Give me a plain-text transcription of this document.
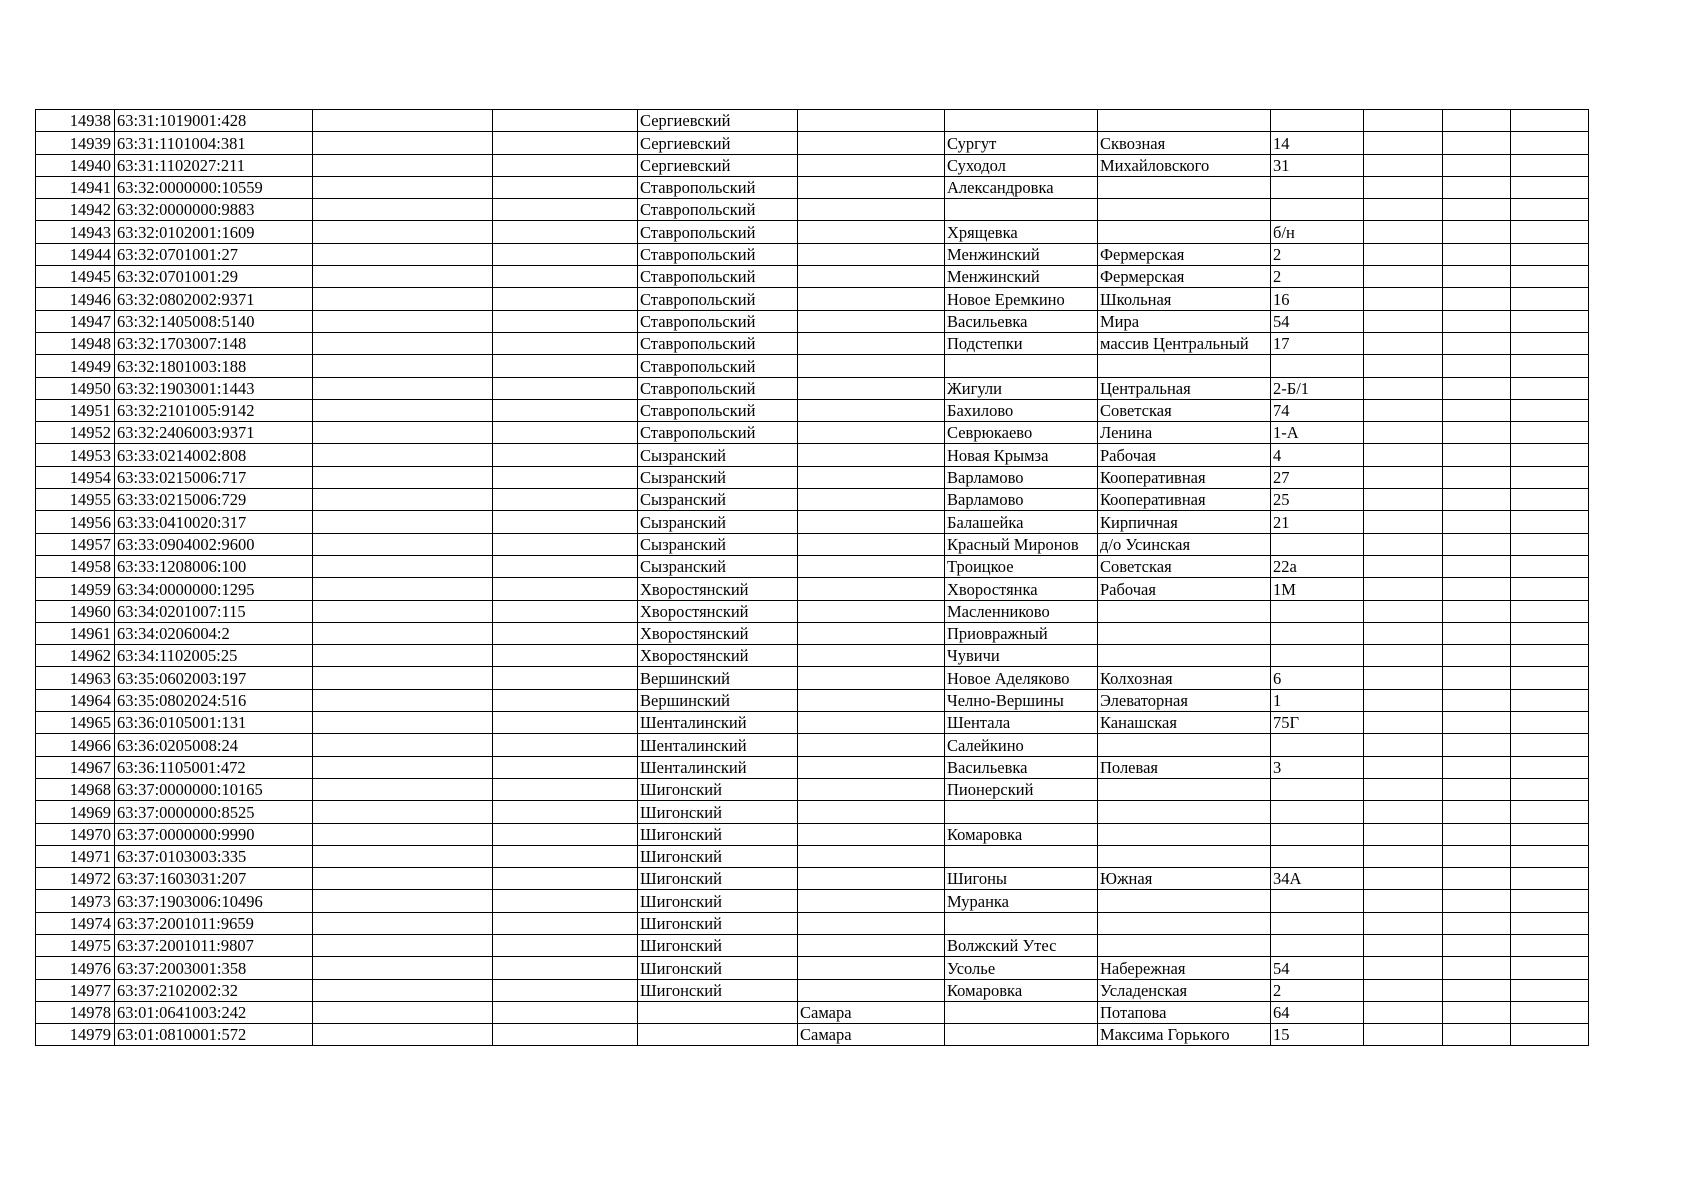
14938	63:31:1019001:428			Сергиевский							
14939	63:31:1101004:381			Сергиевский		Сургут	Сквозная	14			
14940	63:31:1102027:211			Сергиевский		Суходол	Михайловского	31			
14941	63:32:0000000:10559			Ставропольский		Александровка					
14942	63:32:0000000:9883			Ставропольский							
14943	63:32:0102001:1609			Ставропольский		Хрящевка		б/н			
14944	63:32:0701001:27			Ставропольский		Менжинский	Фермерская	2			
14945	63:32:0701001:29			Ставропольский		Менжинский	Фермерская	2			
14946	63:32:0802002:9371			Ставропольский		Новое Еремкино	Школьная	16			
14947	63:32:1405008:5140			Ставропольский		Васильевка	Мира	54			
14948	63:32:1703007:148			Ставропольский		Подстепки	массив Центральный	17			
14949	63:32:1801003:188			Ставропольский							
14950	63:32:1903001:1443			Ставропольский		Жигули	Центральная	2-Б/1			
14951	63:32:2101005:9142			Ставропольский		Бахилово	Советская	74			
14952	63:32:2406003:9371			Ставропольский		Севрюкаево	Ленина	1-А			
14953	63:33:0214002:808			Сызранский		Новая Крымза	Рабочая	4			
14954	63:33:0215006:717			Сызранский		Варламово	Кооперативная	27			
14955	63:33:0215006:729			Сызранский		Варламово	Кооперативная	25			
14956	63:33:0410020:317			Сызранский		Балашейка	Кирпичная	21			
14957	63:33:0904002:9600			Сызранский		Красный Миронов	д/о Усинская				
14958	63:33:1208006:100			Сызранский		Троицкое	Советская	22а			
14959	63:34:0000000:1295			Хворостянский		Хворостянка	Рабочая	1М			
14960	63:34:0201007:115			Хворостянский		Масленниково					
14961	63:34:0206004:2			Хворостянский		Приовражный					
14962	63:34:1102005:25			Хворостянский		Чувичи					
14963	63:35:0602003:197			Вершинский		Новое Аделяково	Колхозная	6			
14964	63:35:0802024:516			Вершинский		Челно-Вершины	Элеваторная	1			
14965	63:36:0105001:131			Шенталинский		Шентала	Канашская	75Г			
14966	63:36:0205008:24			Шенталинский		Салейкино					
14967	63:36:1105001:472			Шенталинский		Васильевка	Полевая	3			
14968	63:37:0000000:10165			Шигонский		Пионерский					
14969	63:37:0000000:8525			Шигонский							
14970	63:37:0000000:9990			Шигонский		Комаровка					
14971	63:37:0103003:335			Шигонский							
14972	63:37:1603031:207			Шигонский		Шигоны	Южная	34А			
14973	63:37:1903006:10496			Шигонский		Муранка					
14974	63:37:2001011:9659			Шигонский							
14975	63:37:2001011:9807			Шигонский		Волжский Утес					
14976	63:37:2003001:358			Шигонский		Усолье	Набережная	54			
14977	63:37:2102002:32			Шигонский		Комаровка	Усладенская	2			
14978	63:01:0641003:242				Самара		Потапова	64			
14979	63:01:0810001:572				Самара		Максима Горького	15			
